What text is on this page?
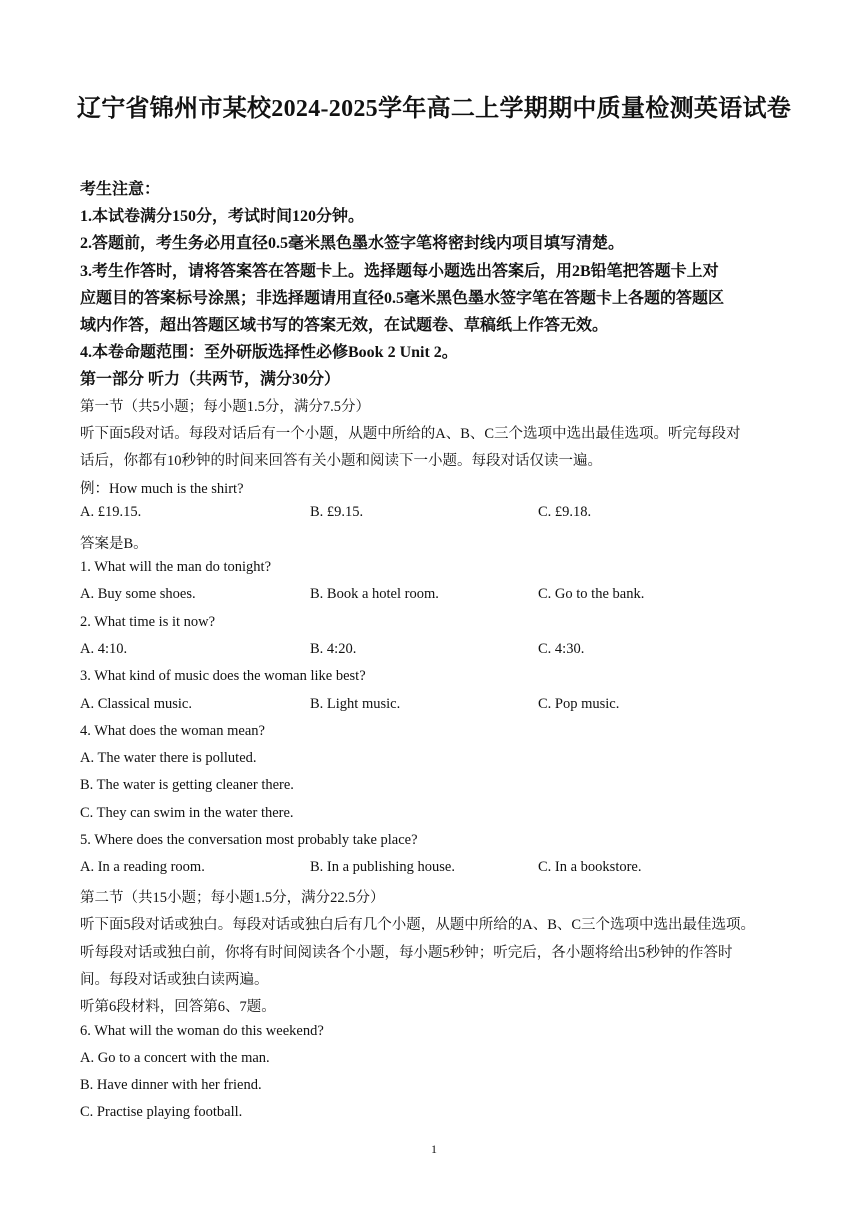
辽宁省锦州市某校2024-2025学年高二上学期期中质量检测英语试卷
考生注意：
1.本试卷满分150分，考试时间120分钟。
2.答题前，考生务必用直径0.5毫米黑色墨水签字笔将密封线内项目填写清楚。
3.考生作答时，请将答案答在答题卡上。选择题每小题选出答案后，用2B铅笔把答题卡上对
应题目的答案标号涂黑；非选择题请用直径0.5毫米黑色墨水签字笔在答题卡上各题的答题区
域内作答，超出答题区域书写的答案无效，在试题卷、草稿纸上作答无效。
4.本卷命题范围：至外研版选择性必修Book 2 Unit 2。
第一部分 听力（共两节，满分30分）
第一节（共5小题；每小题1.5分，满分7.5分）
听下面5段对话。每段对话后有一个小题，从题中所给的A、B、C三个选项中选出最佳选项。听完每段对
话后，你都有10秒钟的时间来回答有关小题和阅读下一小题。每段对话仅读一遍。
例：How much is the shirt?
A. £19.15.	B. £9.15.	C. £9.18.
答案是B。
1. What will the man do tonight?
A. Buy some shoes.	B. Book a hotel room.	C. Go to the bank.
2. What time is it now?
A. 4:10.	B. 4:20.	C. 4:30.
3. What kind of music does the woman like best?
A. Classical music.	B. Light music.	C. Pop music.
4. What does the woman mean?
A. The water there is polluted.
B. The water is getting cleaner there.
C. They can swim in the water there.
5. Where does the conversation most probably take place?
A. In a reading room.	B. In a publishing house.	C. In a bookstore.
第二节（共15小题；每小题1.5分，满分22.5分）
听下面5段对话或独白。每段对话或独白后有几个小题，从题中所给的A、B、C三个选项中选出最佳选项。
听每段对话或独白前，你将有时间阅读各个小题，每小题5秒钟；听完后，各小题将给出5秒钟的作答时
间。每段对话或独白读两遍。
听第6段材料，回答第6、7题。
6. What will the woman do this weekend?
A. Go to a concert with the man.
B. Have dinner with her friend.
C. Practise playing football.
1
